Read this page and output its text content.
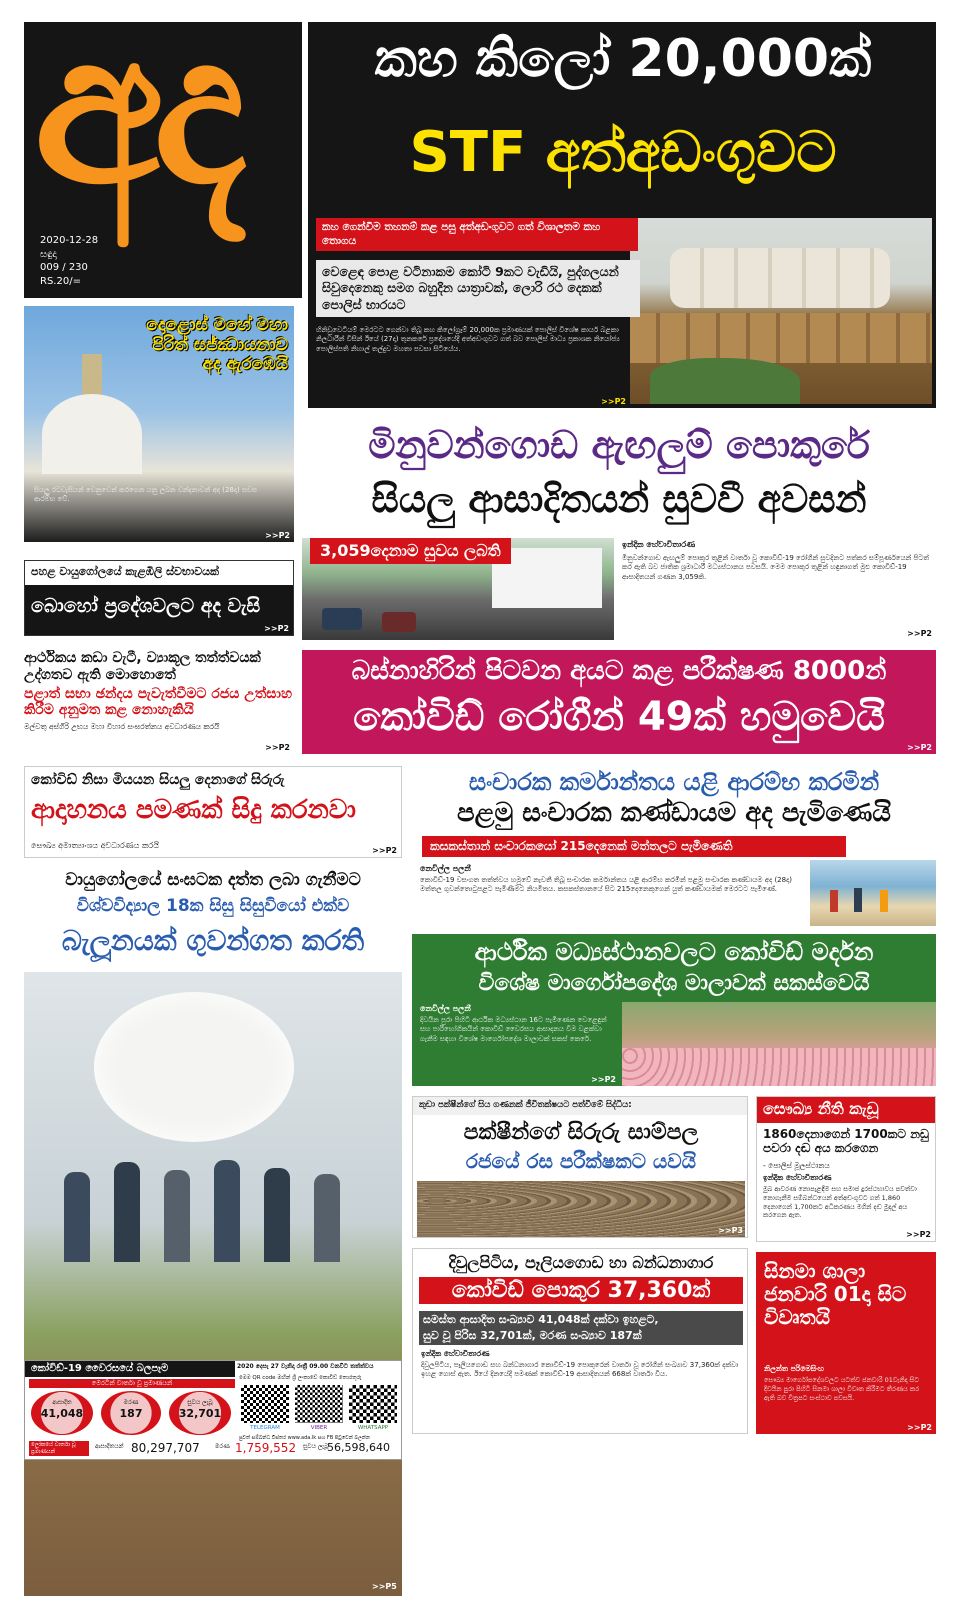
අද
2020-12-28
සඳුදා
009 / 230
RS.20/=
කහ කිලෝ 20,000ක්
STF අත්අඩංගුවට
කහ ගෙන්වීම තහනම් කළ පසු අත්අඩංගුවට ගත් විශාලතම කහ තොගය
වෙළෙඳ පොළ වටිනාකම කෝටි 9කට වැඩියි, පුද්ගලයන් සිවුදෙනෙකු සමග බහුදින යාත්‍රාවක්, ලොරි රථ දෙකක් පොලිස් භාරයට
හිනිඩුවෙටියම් මෙරටට ගෙන්වා තිබූ කහ කිලෝග්‍රෑම් 20,000ක ප්‍රමාණයක් පොලිස් විශේෂ කාර්ය බළකා නිලධාරීන් විසින් ඊයේ (27දා) තුනකරේ ප්‍රදේශයේදී අත්අඩංගුවට ගත් බව පොලිස් මාධ්‍ය ප්‍රකාශක නියෝජ්‍ය පොලිස්පති නිහාල් තල්දුව මහතා පවසා සිටියේය.
>>P2
දොළොස් මහේ මහා පිරිත් සජ්ඣායනාව අද ඇරඹෙයි
සියලු රටවැසියන් වෙනුවෙන් කරගෙන යනු ලබන වන්දනාවන් අද (28දා) සවස ආරම්භ වේ.
>>P2
පහළ වායුගෝලයේ කැළඹිලි ස්වභාවයක්
බොහෝ ප්‍රදේශවලට අද වැසි
>>P2
ආර්ථිකය කඩා වැටී, ව්‍යාකූල තත්ත්වයක් උද්ගතව ඇති මොහොතේ
පළාත් සභා ඡන්දය පැවැත්වීමට රජය උත්සාහ කිරීම අනුමත කළ නොහැකියි
මල්වතු අස්ගිරි උභය මහා විහාර සංඝරත්නය අවධාරණය කරයි
>>P2
මිනුවන්ගොඩ ඇඟලුම් පොකුරේ
සියලු ආසාදිතයන් සුවවී අවසන්
3,059දෙනාම සුවය ලබති	ඉන්දික හේවාවිතාරණ
මිනුවන්ගොඩ ඇඟලුම් පොකුර තුළින් වාර්තා වූ කොවිඩ්-19 රෝගීන් සුවදිනට පත්කර සම්පූර්ණයෙන් පිටත් කර ඇති බව ජාතික ශ්‍රමාධාරී මධ්‍යස්ථානය පවසයි. මෙම පොකුර තුළින් හඳුනාගත් මුළු කොවිඩ්-19 ආසාදිතයන් ගණන 3,059කි.
>>P2
බස්නාහිරින් පිටවන අයට කළ පරීක්ෂණ 8000න්
කෝවිඩ් රෝගීන් 49ක් හමුවෙයි
>>P2
කෝවිඩ් නිසා මියයන සියලු දෙනාගේ සිරුරු
ආදාහනය පමණක් සිදු කරනවා
සෞඛ්‍ය අමාත්‍යාංශය අවධාරණය කරයි
>>P2
සංචාරක කර්මාන්තය යළි ආරම්භ කරමින්
පළමු සංචාරක කණ්ඩායම අද පැමිණෙයි
කසකස්තාන් සංචාරකයෝ 215දෙනෙක් මත්තලට පැමිණෙති
නෙවිල්ල පලනී
කොවිඩ්-19 වසංගත තත්ත්වය හමුවේ නැවතී තිබූ සංචාරක කර්මාන්තය යළි ආරම්භ කරමින් පළමු සංචාරක කණ්ඩායම අද (28දා) මත්තල ගුවන්තොටුපළට පැමිණීමට නියමිතය. කසකස්තානයේ සිට 215දෙනෙකුගෙන් යුත් කණ්ඩායමක් මෙරටට පැමිණේ.
වායුගෝලයේ සංඝටක දත්ත ලබා ගැනීමට
විශ්වවිද්‍යාල 18ක සිසු සිසුවියෝ එක්ව
බැලූනයක් ගුවන්ගත කරති	ආර්ථික මධ්‍යස්ථානවලට කෝවිඩ් මර්දන
විශේෂ මාර්ගෝපදේශ මාලාවක් සකස්වෙයි
නෙවිල්ල පලනී
දිවයින පුරා පිහිටි ආර්ථික මධ්‍යස්ථාන 16ට පැමිණෙන වෙළෙඳුන් සහ පාරිභෝගිකයින් කොවිඩ් වෛරසය ආසාදනය වීම වළක්වා ගැනීම සඳහා විශේෂ මාර්ගෝපදේශ මාලාවක් සකස් කෙරේ.
>>P2
කුඩා පක්ෂීන්ගේ සිය ගණනක් ජීවිතක්ෂයට පත්වීමේ සිද්ධිය:
පක්ෂීන්ගේ සිරුරු සාම්පල
රජයේ රස පරීක්ෂකට යවයි
>>P3
සෞඛ්‍ය නීති කැඩූ
1860දෙනාගෙන් 1700කට නඩු පවරා දඬ අය කරගෙන
- පොලිස් මූලස්ථානය
ඉන්දික හේවාවිතාරණ
මුඛ ආවරණ නොපැළඳීම සහ සමාජ දුරස්ථභාවය පවත්වා නොගැනීම සම්බන්ධයෙන් අත්අඩංගුවට ගත් 1,860 දෙනාගෙන් 1,700කට අධිකරණය මගින් දඬ මුදල් අය කරගෙන ඇත.
>>P2
දිවුලපිටිය, පෑලියගොඩ හා බන්ධනාගාර
කෝවිඩ් පොකුර 37,360ක්
සමස්ත ආසාදිත සංඛ්‍යාව 41,048ක් දක්වා ඉහළට,
සුව වූ පිරිස 32,701ක්, මරණ සංඛ්‍යාව 187ක්
ඉන්දික හේවාවිතාරණ
දිවුලපිටිය, පෑලියගොඩ සහ බන්ධනාගාර කොවිඩ්-19 පොකුරෙන් වාර්තා වූ රෝගීන් සංඛ්‍යාව 37,360ක් දක්වා ඉහළ ගොස් ඇත. ඊයේ දිනයේදී පමණක් කොවිඩ්-19 ආසාදිතයන් 668ක් වාර්තා විය.
සිනමා ශාලා ජනවාරි 01දා සිට විවෘතයි
නිලන්ත පරිමෙසිංහ
සෞඛ්‍ය මාර්ගෝපදේශවලට යටත්ව ජනවාරි 01වැනිදා සිට දිවයින පුරා පිහිටි සිනමා ශාලා විවෘත කිරීමට තීරණය කර ඇති බව චිත්‍රපට සංස්ථාව පවසයි.
>>P2
කෝවිඩ්-19 වෛරසයේ බලපෑම	2020 දෙසැ 27 වැනිදා රාත්‍රී 09.00 වනවිට තත්ත්වය
මෙරටින් වාර්තා වූ ප්‍රමාණයන්
ආසාදිත
41,048
මරණ
187
සුවය ලැබූ
32,701
මෙම QR code මඟින් ශ්‍රී ලංකාවේ කොවිඩ් තොරතුරු
TELEGRAM	VIBER	WHATSAPP
පුවත් සම්බන්ධ විස්තර www.ada.lk සහ FB පිටුවෙන් බලන්න
ලෝකයේ වාර්තා වූ ප්‍රමාණයන්
ආසාදිතයන් 80,297,707	මරණ 1,759,552 සුවය ලැබූ
56,598,640
